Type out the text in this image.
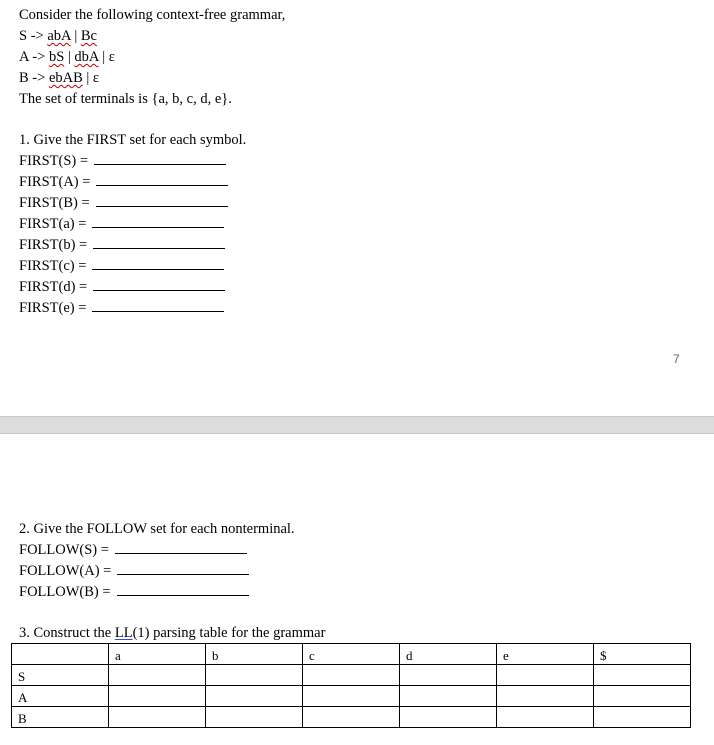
Consider the following context-free grammar,
S -> abA | Bc
A -> bS | dbA | ε
B -> ebAB | ε
The set of terminals is {a, b, c, d, e}.
1. Give the FIRST set for each symbol.
FIRST(S) =
FIRST(A) =
FIRST(B) =
FIRST(a) =
FIRST(b) =
FIRST(c) =
FIRST(d) =
FIRST(e) =
7
2. Give the FOLLOW set for each nonterminal.
FOLLOW(S) =
FOLLOW(A) =
FOLLOW(B) =
3. Construct the LL(1) parsing table for the grammar
	a	b	c	d	e	$
S						
A						
B						
